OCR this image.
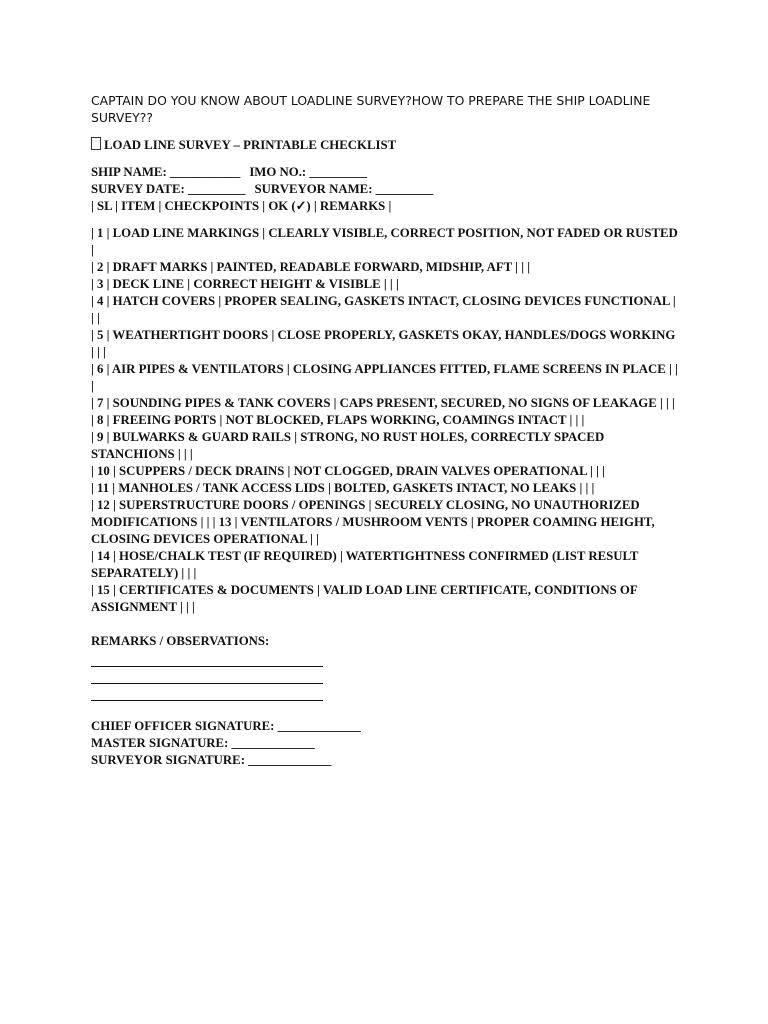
CAPTAIN DO YOU KNOW ABOUT LOADLINE SURVEY?HOW TO PREPARE THE SHIP LOADLINE SURVEY??

LOAD LINE SURVEY – PRINTABLE CHECKLIST

SHIP NAME: ___________ IMO NO.: _________

SURVEY DATE: _________ SURVEYOR NAME: _________

| SL | ITEM | CHECKPOINTS | OK (✓) | REMARKS |

| 1 | LOAD LINE MARKINGS | CLEARLY VISIBLE, CORRECT POSITION, NOT FADED OR RUSTED |

| 2 | DRAFT MARKS | PAINTED, READABLE FORWARD, MIDSHIP, AFT | | |

| 3 | DECK LINE | CORRECT HEIGHT & VISIBLE | | |

| 4 | HATCH COVERS | PROPER SEALING, GASKETS INTACT, CLOSING DEVICES FUNCTIONAL | | |

| 5 | WEATHERTIGHT DOORS | CLOSE PROPERLY, GASKETS OKAY, HANDLES/DOGS WORKING | | |

| 6 | AIR PIPES & VENTILATORS | CLOSING APPLIANCES FITTED, FLAME SCREENS IN PLACE | | |

| 7 | SOUNDING PIPES & TANK COVERS | CAPS PRESENT, SECURED, NO SIGNS OF LEAKAGE | | |

| 8 | FREEING PORTS | NOT BLOCKED, FLAPS WORKING, COAMINGS INTACT | | |

| 9 | BULWARKS & GUARD RAILS | STRONG, NO RUST HOLES, CORRECTLY SPACED STANCHIONS | | |

| 10 | SCUPPERS / DECK DRAINS | NOT CLOGGED, DRAIN VALVES OPERATIONAL | | |

| 11 | MANHOLES / TANK ACCESS LIDS | BOLTED, GASKETS INTACT, NO LEAKS | | |

| 12 | SUPERSTRUCTURE DOORS / OPENINGS | SECURELY CLOSING, NO UNAUTHORIZED MODIFICATIONS | | | 13 | VENTILATORS / MUSHROOM VENTS | PROPER COAMING HEIGHT, CLOSING DEVICES OPERATIONAL | |

| 14 | HOSE/CHALK TEST (IF REQUIRED) | WATERTIGHTNESS CONFIRMED (LIST RESULT SEPARATELY) | | |

| 15 | CERTIFICATES & DOCUMENTS | VALID LOAD LINE CERTIFICATE, CONDITIONS OF ASSIGNMENT | | |

REMARKS / OBSERVATIONS:

CHIEF OFFICER SIGNATURE: _____________

MASTER SIGNATURE: _____________

SURVEYOR SIGNATURE: _____________
